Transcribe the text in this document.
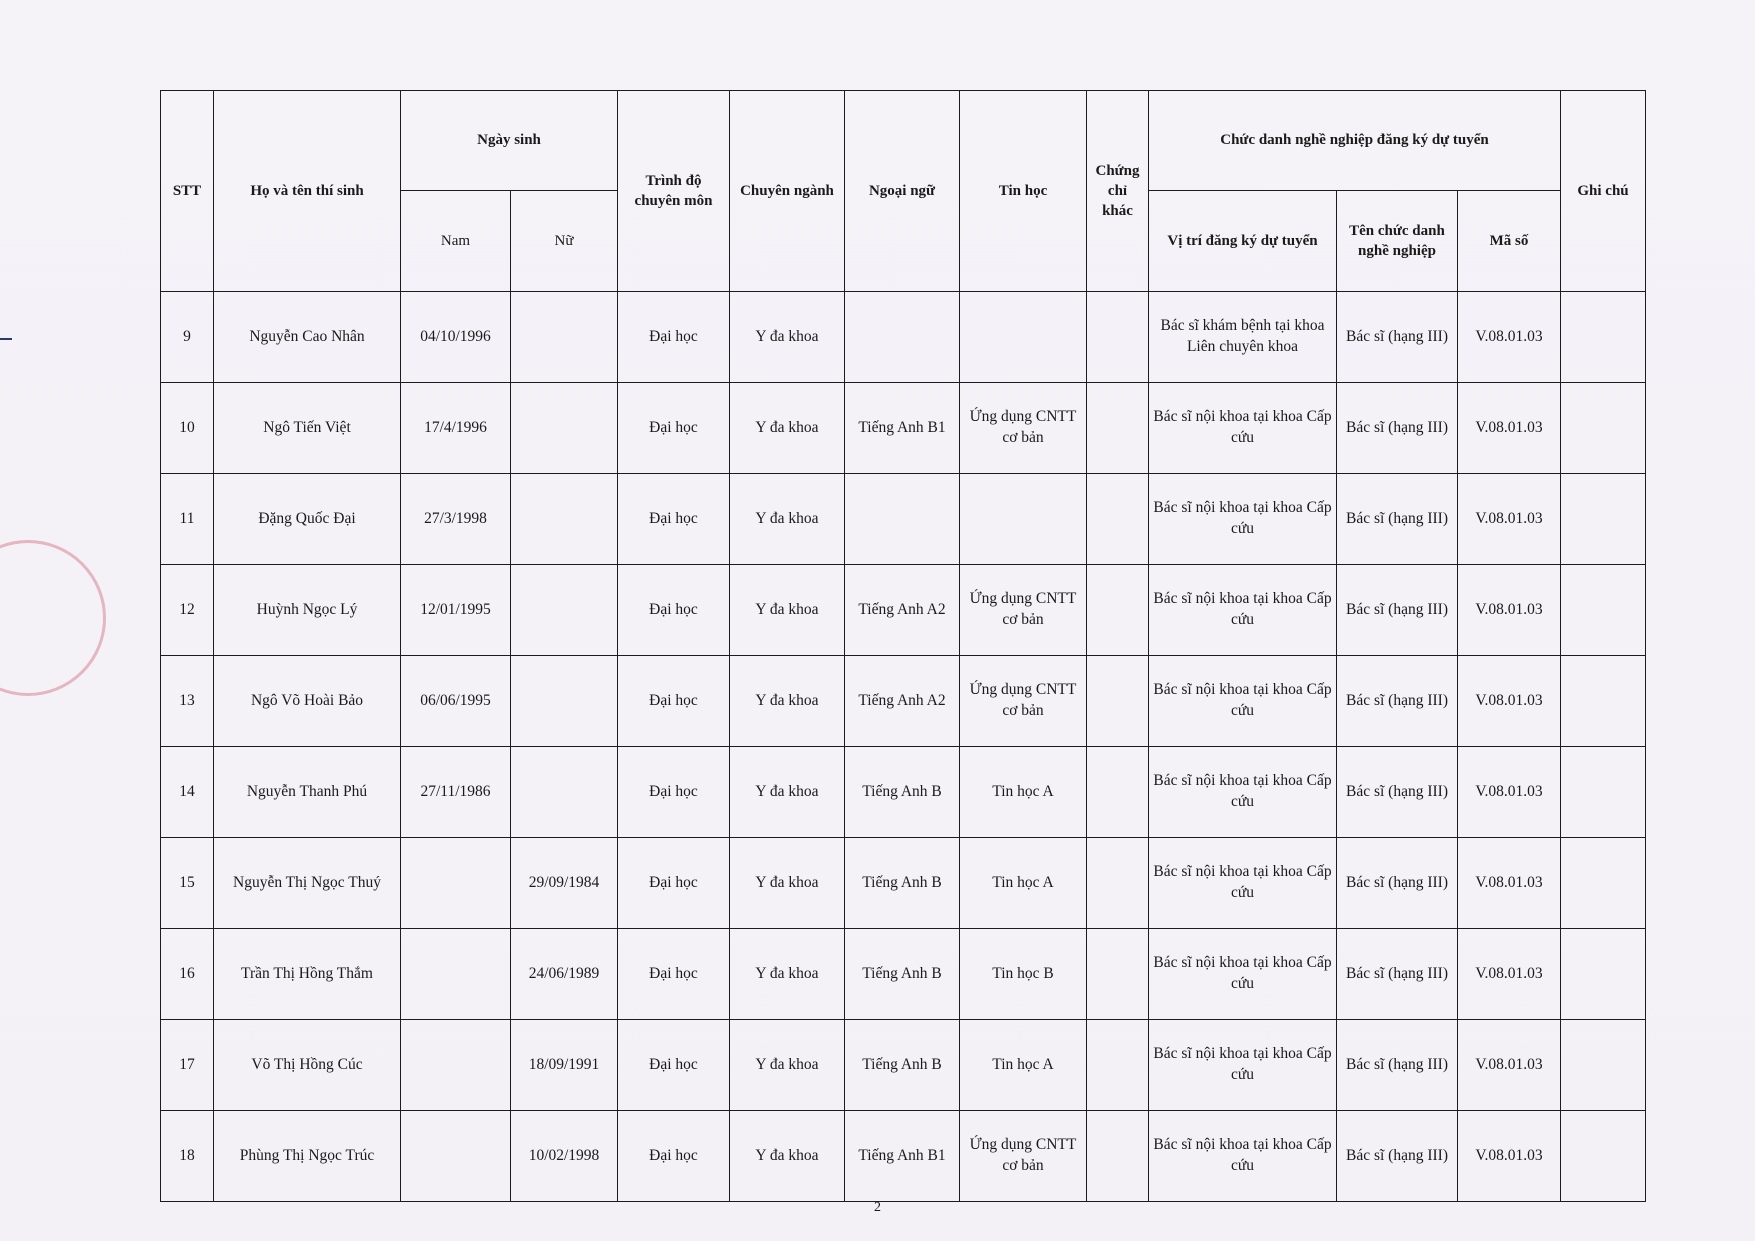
STT	Họ và tên thí sinh	Ngày sinh		Trình độ chuyên môn	Chuyên ngành	Ngoại ngữ	Tin học	Chứng chỉ khác	Chức danh nghề nghiệp đăng ký dự tuyển			Ghi chú
		Nam	Nữ						Vị trí đăng ký dự tuyển	Tên chức danh nghề nghiệp	Mã số	
9	Nguyễn Cao Nhân	04/10/1996		Đại học	Y đa khoa				Bác sĩ khám bệnh tại khoa Liên chuyên khoa	Bác sĩ (hạng III)	V.08.01.03	
10	Ngô Tiến Việt	17/4/1996		Đại học	Y đa khoa	Tiếng Anh B1	Ứng dụng CNTT cơ bản		Bác sĩ nội khoa tại khoa Cấp cứu	Bác sĩ (hạng III)	V.08.01.03	
11	Đặng Quốc Đại	27/3/1998		Đại học	Y đa khoa				Bác sĩ nội khoa tại khoa Cấp cứu	Bác sĩ (hạng III)	V.08.01.03	
12	Huỳnh Ngọc Lý	12/01/1995		Đại học	Y đa khoa	Tiếng Anh A2	Ứng dụng CNTT cơ bản		Bác sĩ nội khoa tại khoa Cấp cứu	Bác sĩ (hạng III)	V.08.01.03	
13	Ngô Võ Hoài Bảo	06/06/1995		Đại học	Y đa khoa	Tiếng Anh A2	Ứng dụng CNTT cơ bản		Bác sĩ nội khoa tại khoa Cấp cứu	Bác sĩ (hạng III)	V.08.01.03	
14	Nguyễn Thanh Phú	27/11/1986		Đại học	Y đa khoa	Tiếng Anh B	Tin học A		Bác sĩ nội khoa tại khoa Cấp cứu	Bác sĩ (hạng III)	V.08.01.03	
15	Nguyễn Thị Ngọc Thuý		29/09/1984	Đại học	Y đa khoa	Tiếng Anh B	Tin học A		Bác sĩ nội khoa tại khoa Cấp cứu	Bác sĩ (hạng III)	V.08.01.03	
16	Trần Thị Hồng Thắm		24/06/1989	Đại học	Y đa khoa	Tiếng Anh B	Tin học B		Bác sĩ nội khoa tại khoa Cấp cứu	Bác sĩ (hạng III)	V.08.01.03	
17	Võ Thị Hồng Cúc		18/09/1991	Đại học	Y đa khoa	Tiếng Anh B	Tin học A		Bác sĩ nội khoa tại khoa Cấp cứu	Bác sĩ (hạng III)	V.08.01.03	
18	Phùng Thị Ngọc Trúc		10/02/1998	Đại học	Y đa khoa	Tiếng Anh B1	Ứng dụng CNTT cơ bản		Bác sĩ nội khoa tại khoa Cấp cứu	Bác sĩ (hạng III)	V.08.01.03	
2
